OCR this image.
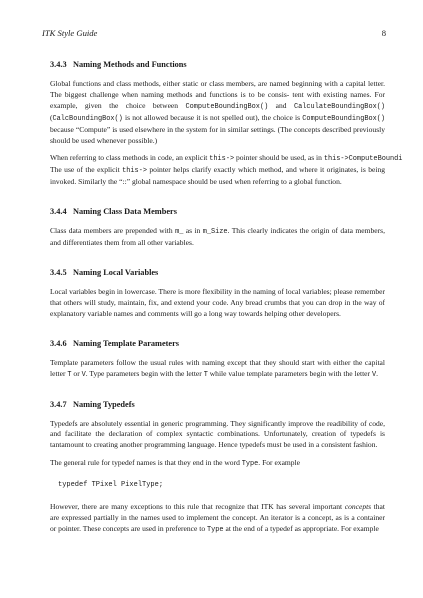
ITK Style Guide	8
3.4.3 Naming Methods and Functions

Global functions and class methods, either static or class members, are named beginning with a capital letter. The biggest challenge when naming methods and functions is to be consis- tent with existing names. For example, given the choice between ComputeBoundingBox() and CalculateBoundingBox() (CalcBoundingBox() is not allowed because it is not spelled out), the choice is ComputeBoundingBox() because “Compute” is used elsewhere in the system for in similar settings. (The concepts described previously should be used whenever possible.)

When referring to class methods in code, an explicit this-> pointer should be used, as in this->ComputeBoundi
The use of the explicit this-> pointer helps clarify exactly which method, and where it originates, is being invoked. Similarly the “::” global namespace should be used when referring to a global function.

3.4.4 Naming Class Data Members

Class data members are prepended with m_ as in m_Size. This clearly indicates the origin of data members, and differentiates them from all other variables.

3.4.5 Naming Local Variables

Local variables begin in lowercase. There is more flexibility in the naming of local variables; please remember that others will study, maintain, fix, and extend your code. Any bread crumbs that you can drop in the way of explanatory variable names and comments will go a long way towards helping other developers.

3.4.6 Naming Template Parameters

Template parameters follow the usual rules with naming except that they should start with either the capital letter T or V. Type parameters begin with the letter T while value template parameters begin with the letter V.

3.4.7 Naming Typedefs

Typedefs are absolutely essential in generic programming. They significantly improve the readibility of code, and facilitate the declaration of complex syntactic combinations. Unfortunately, creation of typedefs is tantamount to creating another programming language. Hence typedefs must be used in a consistent fashion.

The general rule for typedef names is that they end in the word Type. For example

typedef TPixel PixelType;

However, there are many exceptions to this rule that recognize that ITK has several important concepts that are expressed partially in the names used to implement the concept. An iterator is a concept, as is a container or pointer. These concepts are used in preference to Type at the end of a typedef as appropriate. For example
